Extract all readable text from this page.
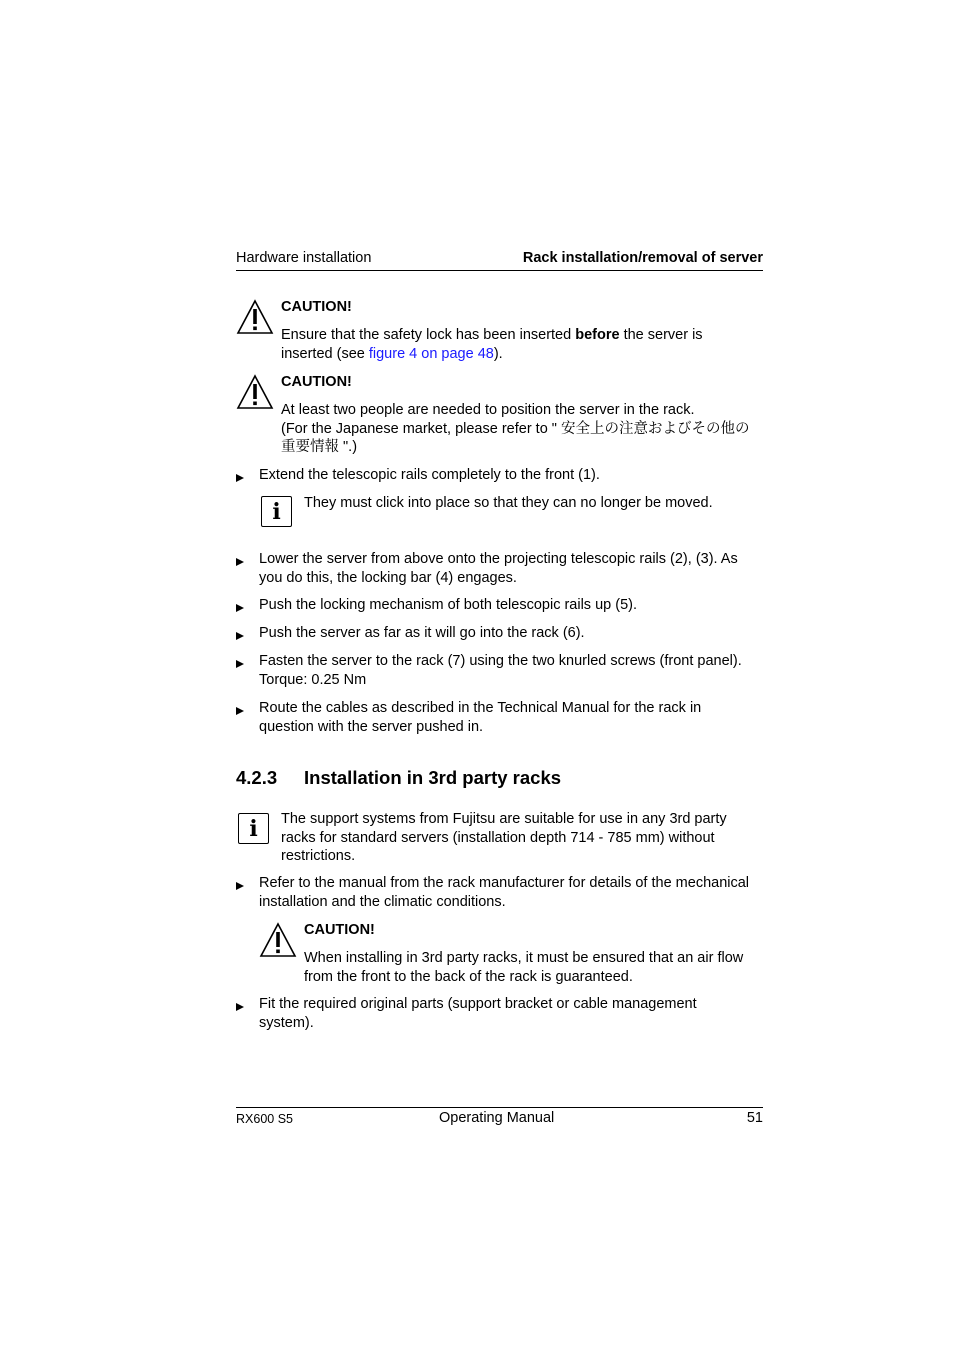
Hardware installation	Rack installation/removal of server
CAUTION!
Ensure that the safety lock has been inserted before the server is
inserted (see figure 4 on page 48).
CAUTION!
At least two people are needed to position the server in the rack.
(For the Japanese market, please refer to " 安全上の注意およびその他の
重要情報 ".)
Extend the telescopic rails completely to the front (1).
i	They must click into place so that they can no longer be moved.
Lower the server from above onto the projecting telescopic rails (2), (3). As
you do this, the locking bar (4) engages.
Push the locking mechanism of both telescopic rails up (5).
Push the server as far as it will go into the rack (6).
Fasten the server to the rack (7) using the two knurled screws (front panel).
Torque: 0.25 Nm
Route the cables as described in the Technical Manual for the rack in
question with the server pushed in.
4.2.3 Installation in 3rd party racks
i	The support systems from Fujitsu are suitable for use in any 3rd party
racks for standard servers (installation depth 714 - 785 mm) without
restrictions.
Refer to the manual from the rack manufacturer for details of the mechanical
installation and the climatic conditions.
CAUTION!
When installing in 3rd party racks, it must be ensured that an air flow
from the front to the back of the rack is guaranteed.
Fit the required original parts (support bracket or cable management
system).
RX600 S5	Operating Manual	51
